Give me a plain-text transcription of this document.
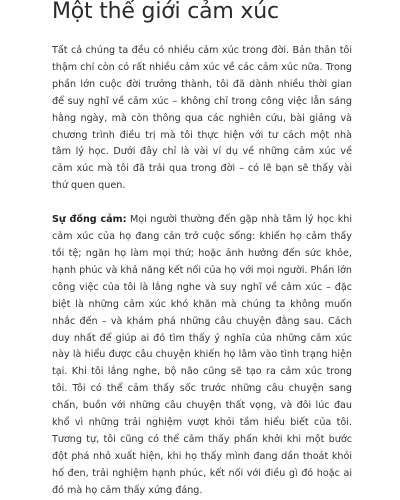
Một thế giới cảm xúc

Tất cả chúng ta đều có nhiều cảm xúc trong đời. Bản thân tôi thậm chí còn có rất nhiều cảm xúc về các cảm xúc nữa. Trong phần lớn cuộc đời trưởng thành, tôi đã dành nhiều thời gian để suy nghĩ về cảm xúc – không chỉ trong công việc lẫn sáng hằng ngày, mà còn thông qua các nghiên cứu, bài giảng và chương trình điều trị mà tôi thực hiện với tư cách một nhà tâm lý học. Dưới đây chỉ là vài ví dụ về những cảm xúc về cảm xúc mà tôi đã trải qua trong đời – có lẽ bạn sẽ thấy vài thứ quen quen.

Sự đồng cảm: Mọi người thường đến gặp nhà tâm lý học khi cảm xúc của họ đang cản trở cuộc sống: khiến họ cảm thấy tồi tệ; ngăn họ làm mọi thứ; hoặc ảnh hưởng đến sức khỏe, hạnh phúc và khả năng kết nối của họ với mọi người. Phần lớn công việc của tôi là lắng nghe và suy nghĩ về cảm xúc – đặc biệt là những cảm xúc khó khăn mà chúng ta không muốn nhắc đến – và khám phá những câu chuyện đằng sau. Cách duy nhất để giúp ai đó tìm thấy ý nghĩa của những cảm xúc này là hiểu được câu chuyện khiến họ lâm vào tình trạng hiện tại. Khi tôi lắng nghe, bộ não cũng sẽ tạo ra cảm xúc trong tôi. Tôi có thể cảm thấy sốc trước những câu chuyện sang chấn, buồn với những câu chuyện thất vọng, và đôi lúc đau khổ vì những trải nghiệm vượt khỏi tầm hiểu biết của tôi. Tương tự, tôi cũng có thể cảm thấy phấn khởi khi một bước đột phá nhỏ xuất hiện, khi họ thấy mình đang dần thoát khỏi hố đen, trải nghiệm hạnh phúc, kết nối với điều gì đó hoặc ai đó mà họ cảm thấy xứng đáng.
